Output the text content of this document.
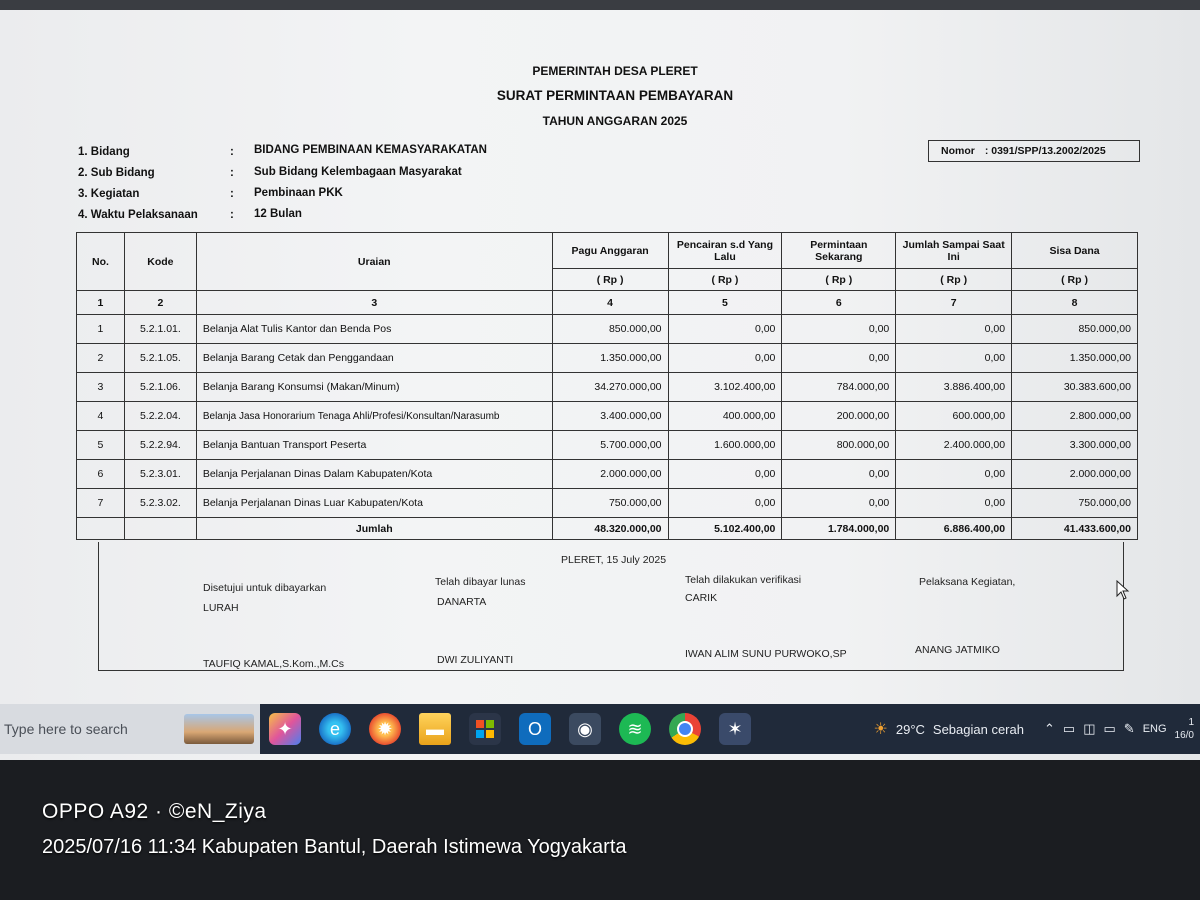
PEMERINTAH DESA PLERET
SURAT PERMINTAAN PEMBAYARAN
TAHUN ANGGARAN 2025
1. Bidang	: BIDANG PEMBINAAN KEMASYARAKATAN
2. Sub Bidang	: Sub Bidang Kelembagaan Masyarakat
3. Kegiatan	: Pembinaan PKK
4. Waktu Pelaksanaan	: 12 Bulan
Nomor : 0391/SPP/13.2002/2025
No.	Kode	Uraian	Pagu Anggaran	Pencairan s.d Yang Lalu	Permintaan Sekarang	Jumlah Sampai Saat Ini	Sisa Dana
			( Rp )	( Rp )	( Rp )	( Rp )	( Rp )
1	2	3	4	5	6	7	8
1	5.2.1.01.	Belanja Alat Tulis Kantor dan Benda Pos	850.000,00	0,00	0,00	0,00	850.000,00
2	5.2.1.05.	Belanja Barang Cetak dan Penggandaan	1.350.000,00	0,00	0,00	0,00	1.350.000,00
3	5.2.1.06.	Belanja Barang Konsumsi (Makan/Minum)	34.270.000,00	3.102.400,00	784.000,00	3.886.400,00	30.383.600,00
4	5.2.2.04.	Belanja Jasa Honorarium Tenaga Ahli/Profesi/Konsultan/Narasumb	3.400.000,00	400.000,00	200.000,00	600.000,00	2.800.000,00
5	5.2.2.94.	Belanja Bantuan Transport Peserta	5.700.000,00	1.600.000,00	800.000,00	2.400.000,00	3.300.000,00
6	5.2.3.01.	Belanja Perjalanan Dinas Dalam Kabupaten/Kota	2.000.000,00	0,00	0,00	0,00	2.000.000,00
7	5.2.3.02.	Belanja Perjalanan Dinas Luar Kabupaten/Kota	750.000,00	0,00	0,00	0,00	750.000,00
		Jumlah	48.320.000,00	5.102.400,00	1.784.000,00	6.886.400,00	41.433.600,00
PLERET, 15 July 2025
Disetujui untuk dibayarkan
LURAH
TAUFIQ KAMAL,S.Kom.,M.Cs
Telah dibayar lunas
DANARTA
DWI ZULIYANTI
Telah dilakukan verifikasi
CARIK
IWAN ALIM SUNU PURWOKO,SP
Pelaksana Kegiatan,
ANANG JATMIKO
Type here to search	✦	e	✹	▬	O	◉	≋	✶	☀ 29°C Sebagian cerah ⌃ ▭ ◫ ▭ ✎ ENG
1
16/0
OPPO A92 · ©eN_Ziya
2025/07/16 11:34 Kabupaten Bantul, Daerah Istimewa Yogyakarta
